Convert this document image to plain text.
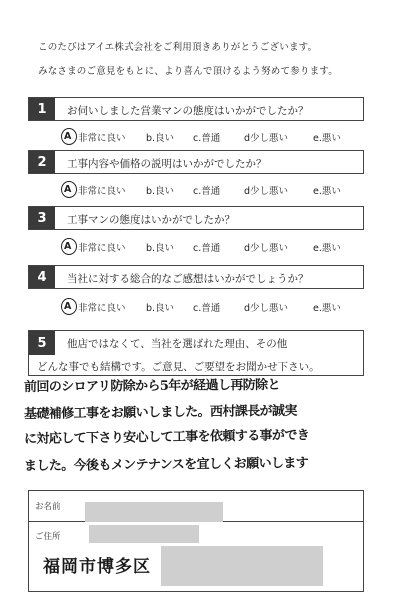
このたびはアイエ株式会社をご利用頂きありがとうございます。
みなさまのご意見をもとに、より喜んで頂けるよう努めて参ります。
1	お伺いしました営業マンの態度はいかがでしたか？
A 非常に良い b.良い c.普通	d少し悪い	e.悪い
2	工事内容や価格の説明はいかがでしたか？
A 非常に良い b.良い c.普通	d少し悪い	e.悪い
3	工事マンの態度はいかがでしたか？
A 非常に良い b.良い c.普通	d少し悪い	e.悪い
4	当社に対する総合的なご感想はいかがでしょうか？
A 非常に良い b.良い c.普通	d少し悪い	e.悪い
5	他店ではなくて、当社を選ばれた理由、その他
どんな事でも結構です。ご意見、ご要望をお聞かせ下さい。
前回のシロアリ防除から5年が経過し再防除と
基礎補修工事をお願いしました。西村課長が誠実
に対応して下さり安心して工事を依頼する事ができ
ました。今後もメンテナンスを宜しくお願いします
お名前
ご住所
福岡市博多区
